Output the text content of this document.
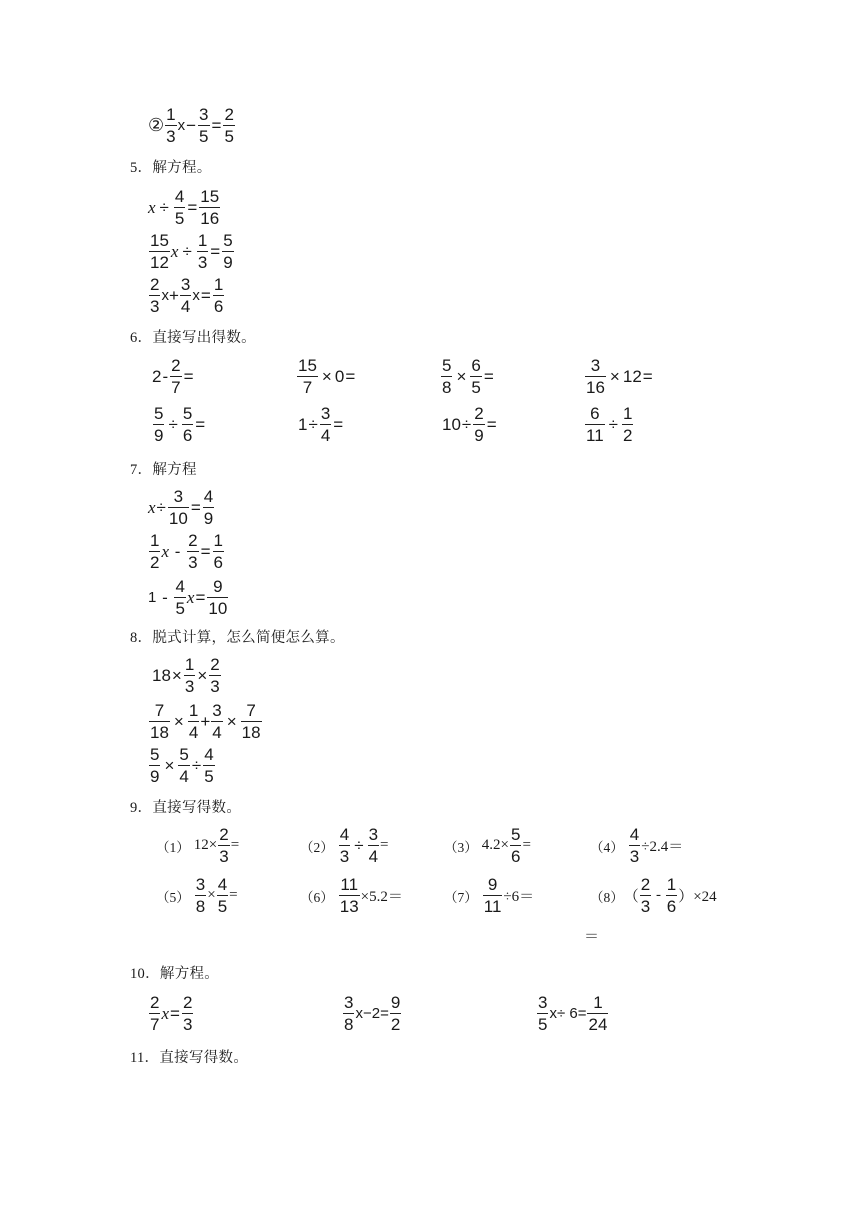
② $\frac{1}{3}$ $x - \frac{3}{5} = \frac{2}{5}$
5．解方程。
$x \div \frac{4}{5} = \frac{15}{16}$
$\frac{15}{12}$ $x \div \frac{1}{3} = \frac{5}{9}$
$\frac{2}{3}$ $x + \frac{3}{4}$ $x = \frac{1}{6}$
6．直接写出得数。
$2 - \frac{2}{7}$ =	$\frac{15}{7} \times 0$ =	$\frac{5}{8} \times \frac{6}{5}$ =	$\frac{3}{16} \times 12$ =
$\frac{5}{9} \div \frac{5}{6}$ =	$1 \div \frac{3}{4}$ =	$10 \div \frac{2}{9}$ =	$\frac{6}{11} \div \frac{1}{2}$
7．解方程
$x \div \frac{3}{10} = \frac{4}{9}$
$\frac{1}{2}$ $x - \frac{2}{3} = \frac{1}{6}$
$1 - \frac{4}{5}$ $x = \frac{9}{10}$
8．脱式计算，怎么简便怎么算。
$18 \times \frac{1}{3} \times \frac{2}{3}$
$\frac{7}{18} \times \frac{1}{4} + \frac{3}{4} \times \frac{7}{18}$
$\frac{5}{9} \times \frac{5}{4} \div \frac{4}{5}$
9．直接写得数。
（1） $12\times \frac{2}{3}$ =	$(2) \frac{4}{3} \div \frac{3}{4}$ =	（3） $4.2\times \frac{5}{6}$ =	$(4) \frac{4}{3} \div 2.4=$
$(5) \frac{3}{8} \times \frac{4}{5}$ =	$(6) \frac{11}{13} \times 5.2=$	$(7) \frac{9}{11} \div 6=$	（8） （ $\frac{2}{3} - \frac{1}{6} )\times 24$
＝
10．解方程。
$\frac{2}{7}$ $x = \frac{2}{3}$	$\frac{3}{8}$ $x -2= \frac{9}{2}$	$\frac{3}{5}$ $x \div 6= \frac{1}{24}$
11．直接写得数。
